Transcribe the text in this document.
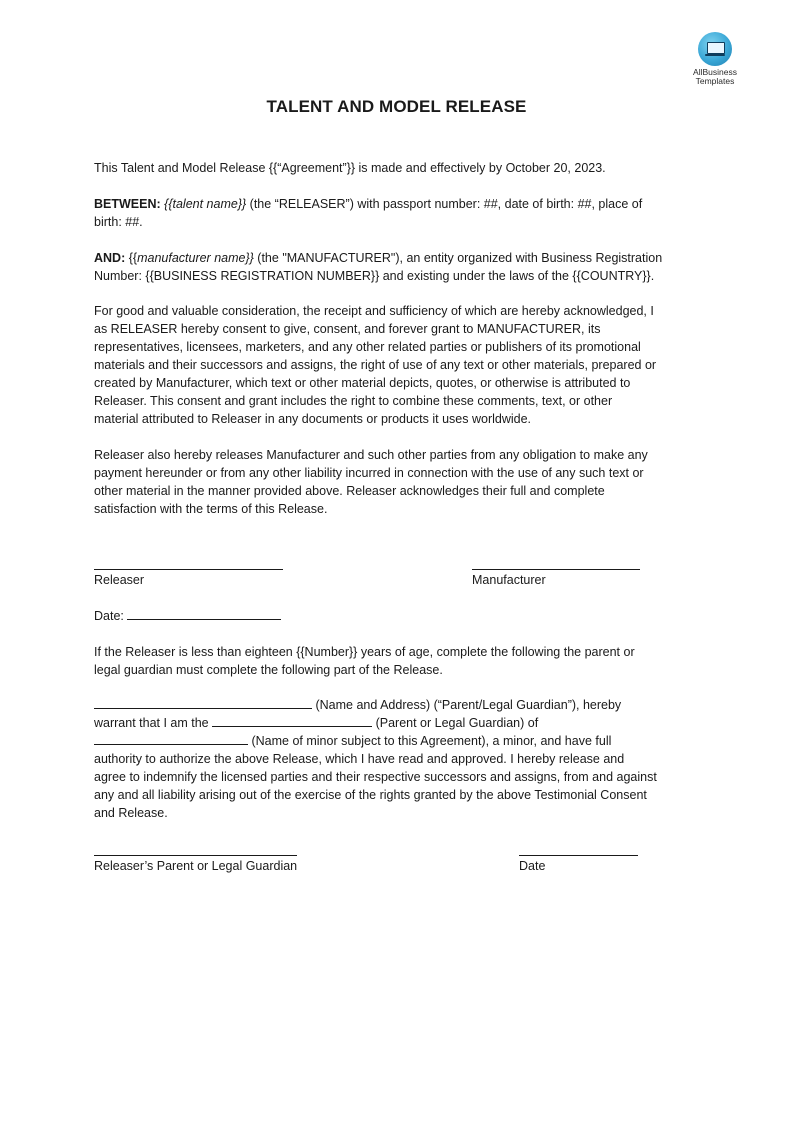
AllBusiness
Templates
TALENT AND MODEL RELEASE
This Talent and Model Release {{“Agreement”}} is made and effectively by October 20, 2023.
BETWEEN: {{talent name}} (the “RELEASER”) with passport number: ##, date of birth: ##, place of
birth: ##.
AND: {{manufacturer name}} (the "MANUFACTURER"), an entity organized with Business Registration
Number: {{BUSINESS REGISTRATION NUMBER}} and existing under the laws of the {{COUNTRY}}.
For good and valuable consideration, the receipt and sufficiency of which are hereby acknowledged, I
as RELEASER hereby consent to give, consent, and forever grant to MANUFACTURER, its
representatives, licensees, marketers, and any other related parties or publishers of its promotional
materials and their successors and assigns, the right of use of any text or other materials, prepared or
created by Manufacturer, which text or other material depicts, quotes, or otherwise is attributed to
Releaser. This consent and grant includes the right to combine these comments, text, or other
material attributed to Releaser in any documents or products it uses worldwide.
Releaser also hereby releases Manufacturer and such other parties from any obligation to make any
payment hereunder or from any other liability incurred in connection with the use of any such text or
other material in the manner provided above. Releaser acknowledges their full and complete
satisfaction with the terms of this Release.
Releaser	Manufacturer
Date:
If the Releaser is less than eighteen {{Number}} years of age, complete the following the parent or
legal guardian must complete the following part of the Release.
(Name and Address) (“Parent/Legal Guardian”), hereby
warrant that I am the	(Parent or Legal Guardian) of
(Name of minor subject to this Agreement), a minor, and have full
authority to authorize the above Release, which I have read and approved. I hereby release and
agree to indemnify the licensed parties and their respective successors and assigns, from and against
any and all liability arising out of the exercise of the rights granted by the above Testimonial Consent
and Release.
Releaser’s Parent or Legal Guardian	Date
